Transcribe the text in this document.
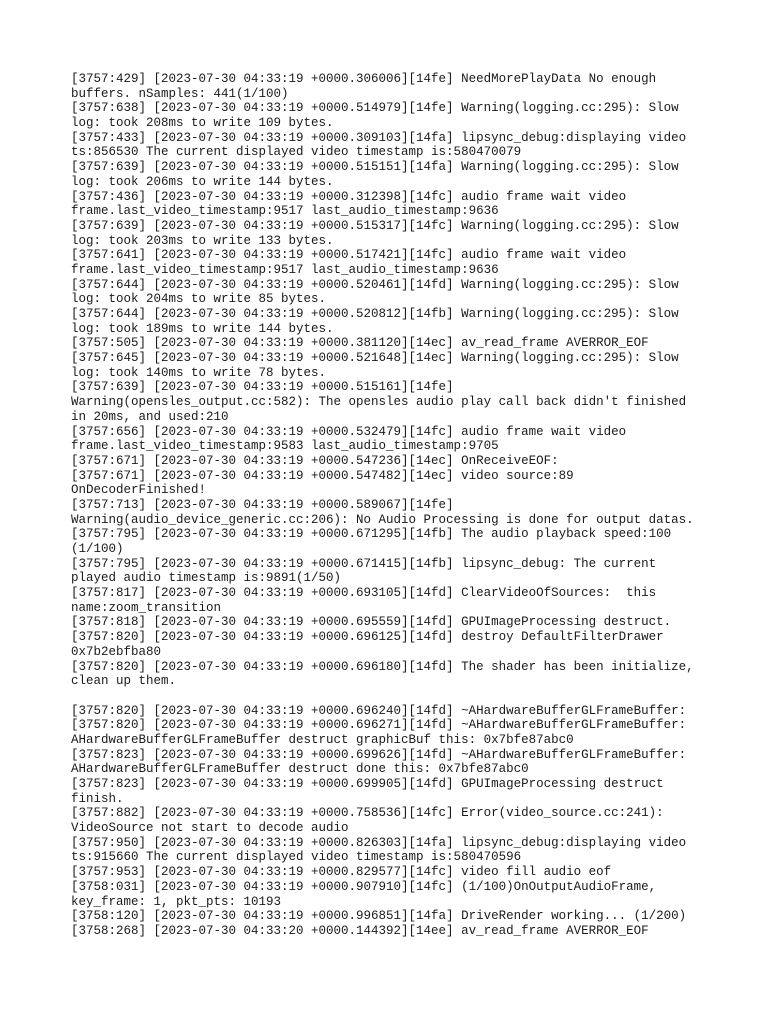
[3757:429] [2023-07-30 04:33:19 +0000.306006][14fe] NeedMorePlayData No enough
buffers. nSamples: 441(1/100)
[3757:638] [2023-07-30 04:33:19 +0000.514979][14fe] Warning(logging.cc:295): Slow
log: took 208ms to write 109 bytes.
[3757:433] [2023-07-30 04:33:19 +0000.309103][14fa] lipsync_debug:displaying video
ts:856530 The current displayed video timestamp is:580470079
[3757:639] [2023-07-30 04:33:19 +0000.515151][14fa] Warning(logging.cc:295): Slow
log: took 206ms to write 144 bytes.
[3757:436] [2023-07-30 04:33:19 +0000.312398][14fc] audio frame wait video
frame.last_video_timestamp:9517 last_audio_timestamp:9636
[3757:639] [2023-07-30 04:33:19 +0000.515317][14fc] Warning(logging.cc:295): Slow
log: took 203ms to write 133 bytes.
[3757:641] [2023-07-30 04:33:19 +0000.517421][14fc] audio frame wait video
frame.last_video_timestamp:9517 last_audio_timestamp:9636
[3757:644] [2023-07-30 04:33:19 +0000.520461][14fd] Warning(logging.cc:295): Slow
log: took 204ms to write 85 bytes.
[3757:644] [2023-07-30 04:33:19 +0000.520812][14fb] Warning(logging.cc:295): Slow
log: took 189ms to write 144 bytes.
[3757:505] [2023-07-30 04:33:19 +0000.381120][14ec] av_read_frame AVERROR_EOF
[3757:645] [2023-07-30 04:33:19 +0000.521648][14ec] Warning(logging.cc:295): Slow
log: took 140ms to write 78 bytes.
[3757:639] [2023-07-30 04:33:19 +0000.515161][14fe]
Warning(opensles_output.cc:582): The opensles audio play call back didn't finished
in 20ms, and used:210
[3757:656] [2023-07-30 04:33:19 +0000.532479][14fc] audio frame wait video
frame.last_video_timestamp:9583 last_audio_timestamp:9705
[3757:671] [2023-07-30 04:33:19 +0000.547236][14ec] OnReceiveEOF:
[3757:671] [2023-07-30 04:33:19 +0000.547482][14ec] video source:89
OnDecoderFinished!
[3757:713] [2023-07-30 04:33:19 +0000.589067][14fe]
Warning(audio_device_generic.cc:206): No Audio Processing is done for output datas.
[3757:795] [2023-07-30 04:33:19 +0000.671295][14fb] The audio playback speed:100
(1/100)
[3757:795] [2023-07-30 04:33:19 +0000.671415][14fb] lipsync_debug: The current
played audio timestamp is:9891(1/50)
[3757:817] [2023-07-30 04:33:19 +0000.693105][14fd] ClearVideoOfSources:  this
name:zoom_transition
[3757:818] [2023-07-30 04:33:19 +0000.695559][14fd] GPUImageProcessing destruct.
[3757:820] [2023-07-30 04:33:19 +0000.696125][14fd] destroy DefaultFilterDrawer
0x7b2ebfba80
[3757:820] [2023-07-30 04:33:19 +0000.696180][14fd] The shader has been initialize,
clean up them.

[3757:820] [2023-07-30 04:33:19 +0000.696240][14fd] ~AHardwareBufferGLFrameBuffer:
[3757:820] [2023-07-30 04:33:19 +0000.696271][14fd] ~AHardwareBufferGLFrameBuffer:
AHardwareBufferGLFrameBuffer destruct graphicBuf this: 0x7bfe87abc0
[3757:823] [2023-07-30 04:33:19 +0000.699626][14fd] ~AHardwareBufferGLFrameBuffer:
AHardwareBufferGLFrameBuffer destruct done this: 0x7bfe87abc0
[3757:823] [2023-07-30 04:33:19 +0000.699905][14fd] GPUImageProcessing destruct
finish.
[3757:882] [2023-07-30 04:33:19 +0000.758536][14fc] Error(video_source.cc:241):
VideoSource not start to decode audio
[3757:950] [2023-07-30 04:33:19 +0000.826303][14fa] lipsync_debug:displaying video
ts:915660 The current displayed video timestamp is:580470596
[3757:953] [2023-07-30 04:33:19 +0000.829577][14fc] video fill audio eof
[3758:031] [2023-07-30 04:33:19 +0000.907910][14fc] (1/100)OnOutputAudioFrame,
key_frame: 1, pkt_pts: 10193
[3758:120] [2023-07-30 04:33:19 +0000.996851][14fa] DriveRender working... (1/200)
[3758:268] [2023-07-30 04:33:20 +0000.144392][14ee] av_read_frame AVERROR_EOF
